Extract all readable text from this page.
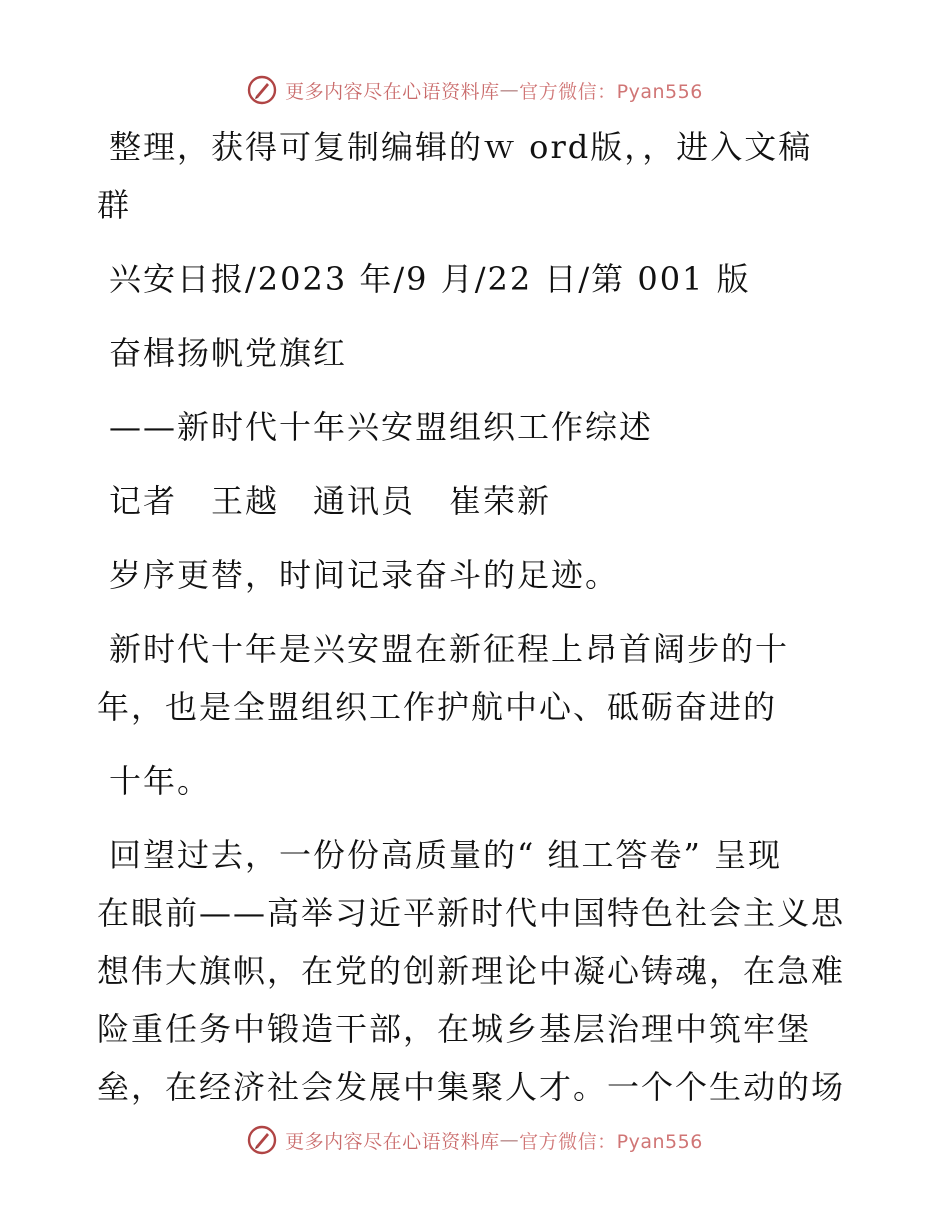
更多内容尽在心语资料库 — 官方微信：Pyan556

整理，获得可复制编辑的ｗ ord版，，进入文稿
群

兴安日报/2023 年/9 月/22 日/第 001 版

奋楫扬帆党旗红

——新时代十年兴安盟组织工作综述

记者　王越　通讯员　崔荣新

岁序更替，时间记录奋斗的足迹。

新时代十年是兴安盟在新征程上昂首阔步的十
年，也是全盟组织工作护航中心、砥砺奋进的

十年。

回望过去，一份份高质量的“ 组工答卷” 呈现
在眼前——高举习近平新时代中国特色社会主义思
想伟大旗帜，在党的创新理论中凝心铸魂，在急难
险重任务中锻造干部，在城乡基层治理中筑牢堡
垒，在经济社会发展中集聚人才。一个个生动的场

更多内容尽在心语资料库 — 官方微信：Pyan556
